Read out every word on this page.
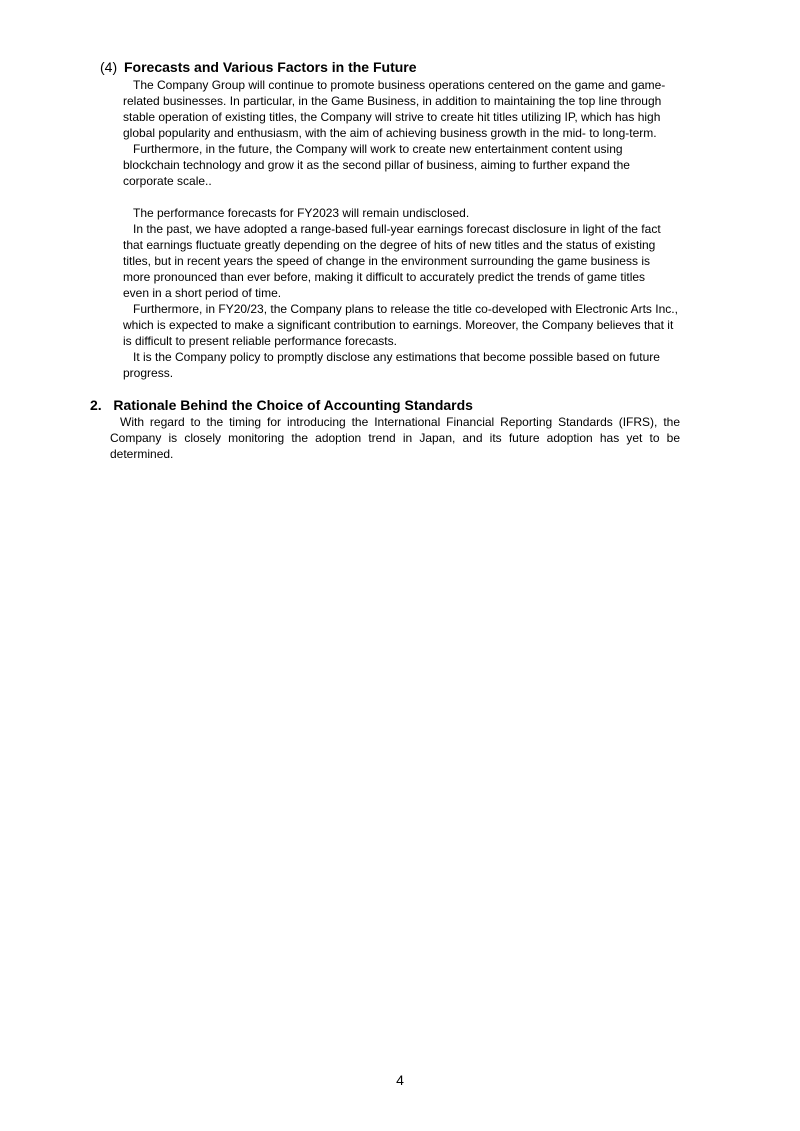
(4) Forecasts and Various Factors in the Future
The Company Group will continue to promote business operations centered on the game and game-
related businesses. In particular, in the Game Business, in addition to maintaining the top line through
stable operation of existing titles, the Company will strive to create hit titles utilizing IP, which has high
global popularity and enthusiasm, with the aim of achieving business growth in the mid- to long-term.
Furthermore, in the future, the Company will work to create new entertainment content using
blockchain technology and grow it as the second pillar of business, aiming to further expand the
corporate scale..
The performance forecasts for FY2023 will remain undisclosed.
In the past, we have adopted a range-based full-year earnings forecast disclosure in light of the fact
that earnings fluctuate greatly depending on the degree of hits of new titles and the status of existing
titles, but in recent years the speed of change in the environment surrounding the game business is
more pronounced than ever before, making it difficult to accurately predict the trends of game titles
even in a short period of time.
Furthermore, in FY20/23, the Company plans to release the title co-developed with Electronic Arts Inc.,
which is expected to make a significant contribution to earnings. Moreover, the Company believes that it
is difficult to present reliable performance forecasts.
It is the Company policy to promptly disclose any estimations that become possible based on future
progress.
2.   Rationale Behind the Choice of Accounting Standards
With regard to the timing for introducing the International Financial Reporting Standards (IFRS), the
Company is closely monitoring the adoption trend in Japan, and its future adoption has yet to be
determined.
4
